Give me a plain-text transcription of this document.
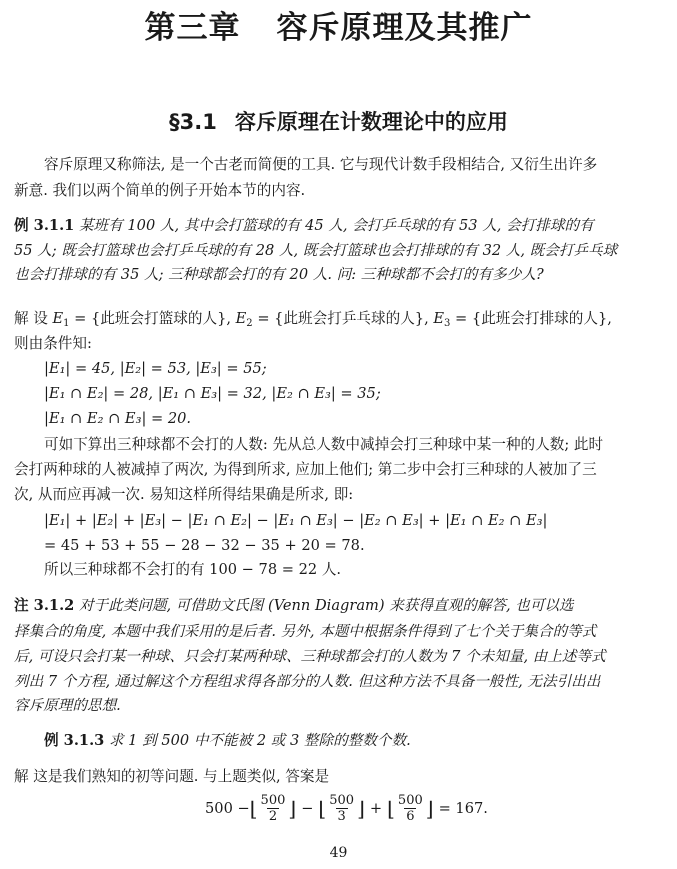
第三章 容斥原理及其推广
§3.1 容斥原理在计数理论中的应用
容斥原理又称筛法, 是一个古老而简便的工具. 它与现代计数手段相结合, 又衍生出许多
新意. 我们以两个简单的例子开始本节的内容.
例 3.1.1 某班有 100 人, 其中会打篮球的有 45 人, 会打乒乓球的有 53 人, 会打排球的有
55 人; 既会打篮球也会打乒乓球的有 28 人, 既会打篮球也会打排球的有 32 人, 既会打乒乓球
也会打排球的有 35 人; 三种球都会打的有 20 人. 问: 三种球都不会打的有多少人?
解 设 $E_1$ = {此班会打篮球的人}, $E_2$ = {此班会打乒乓球的人}, $E_3$ = {此班会打排球的人},
则由条件知:
|E₁| = 45, |E₂| = 53, |E₃| = 55;
|E₁ ∩ E₂| = 28, |E₁ ∩ E₃| = 32, |E₂ ∩ E₃| = 35;
|E₁ ∩ E₂ ∩ E₃| = 20.
可如下算出三种球都不会打的人数: 先从总人数中减掉会打三种球中某一种的人数; 此时
会打两种球的人被减掉了两次, 为得到所求, 应加上他们; 第二步中会打三种球的人被加了三
次, 从而应再减一次. 易知这样所得结果确是所求, 即:
|E₁| + |E₂| + |E₃| − |E₁ ∩ E₂| − |E₁ ∩ E₃| − |E₂ ∩ E₃| + |E₁ ∩ E₂ ∩ E₃|
= 45 + 53 + 55 − 28 − 32 − 35 + 20 = 78.
所以三种球都不会打的有 100 − 78 = 22 人.
注 3.1.2 对于此类问题, 可借助文氏图 (Venn Diagram) 来获得直观的解答, 也可以选
择集合的角度, 本题中我们采用的是后者. 另外, 本题中根据条件得到了七个关于集合的等式
后, 可设只会打某一种球、只会打某两种球、三种球都会打的人数为 7 个未知量, 由上述等式
列出 7 个方程, 通过解这个方程组求得各部分的人数. 但这种方法不具备一般性, 无法引出出
容斥原理的思想.
例 3.1.3 求 1 到 500 中不能被 2 或 3 整除的整数个数.
解 这是我们熟知的初等问题. 与上题类似, 答案是
500 − ⌊ $\frac{500}{2}$ ⌋ − ⌊ $\frac{500}{3}$ ⌋ + ⌊ $\frac{500}{6}$ ⌋ = 167.
49
